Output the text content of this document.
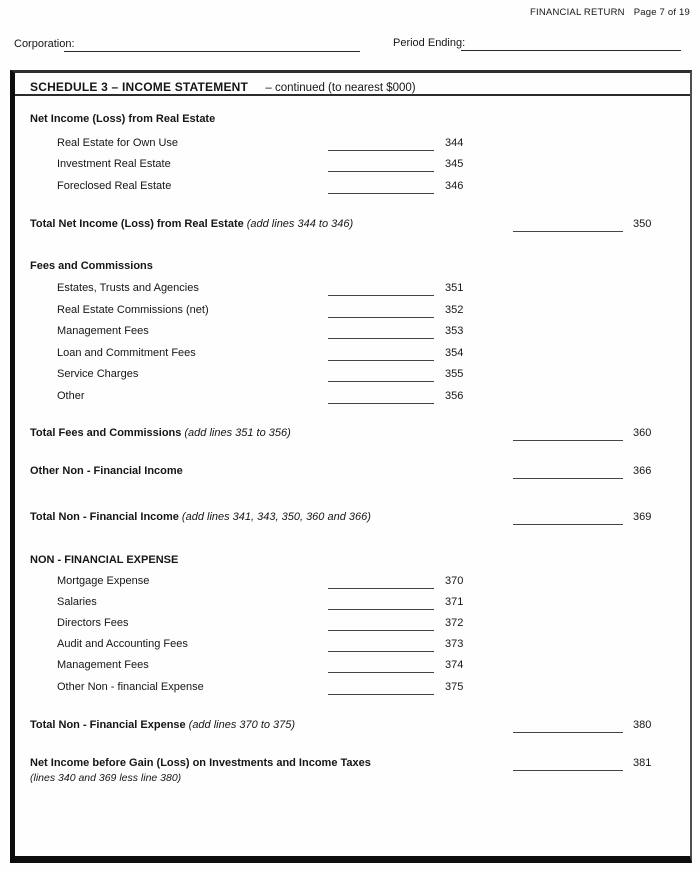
FINANCIAL RETURN Page 7 of 19
Corporation:	Period Ending:
SCHEDULE 3 – INCOME STATEMENT – continued (to nearest $000)
Net Income (Loss) from Real Estate
Real Estate for Own Use	344
Investment Real Estate	345
Foreclosed Real Estate	346
Total Net Income (Loss) from Real Estate (add lines 344 to 346)	350
Fees and Commissions
Estates, Trusts and Agencies	351
Real Estate Commissions (net)	352
Management Fees	353
Loan and Commitment Fees	354
Service Charges	355
Other	356
Total Fees and Commissions (add lines 351 to 356)	360
Other Non - Financial Income	366
Total Non - Financial Income (add lines 341, 343, 350, 360 and 366)	369
NON - FINANCIAL EXPENSE
Mortgage Expense	370
Salaries	371
Directors Fees	372
Audit and Accounting Fees	373
Management Fees	374
Other Non - financial Expense	375
Total Non - Financial Expense (add lines 370 to 375)	380
Net Income before Gain (Loss) on Investments and Income Taxes
(lines 340 and 369 less line 380)
381
